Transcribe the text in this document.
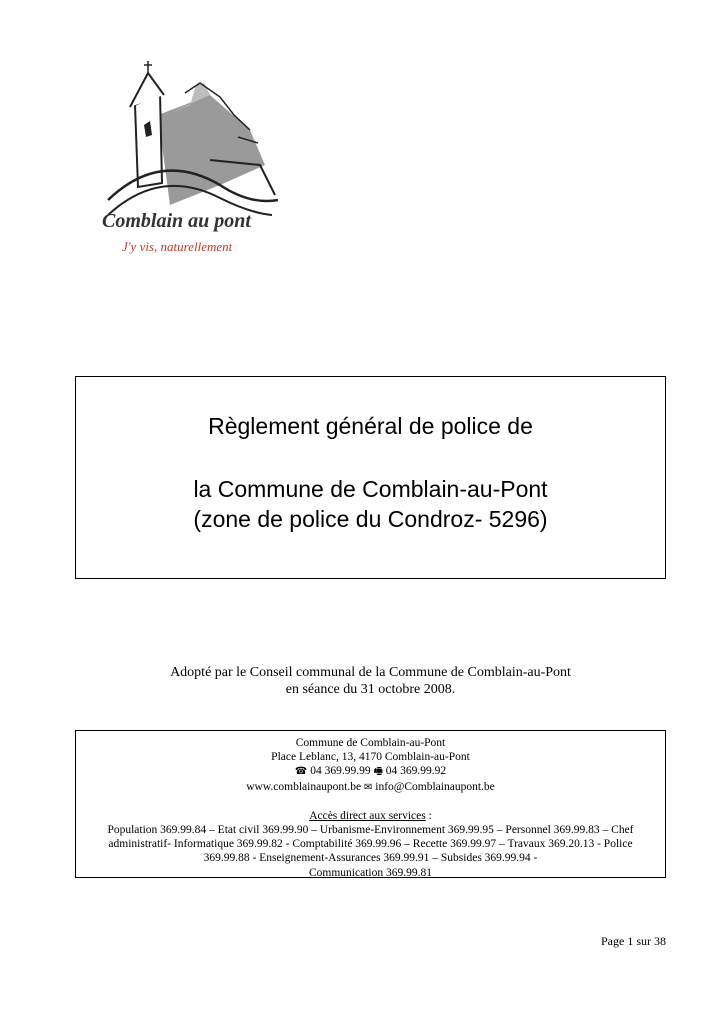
Comblain au pont
J'y vis, naturellement
Règlement général de police de
la Commune de Comblain-au-Pont
(zone de police du Condroz- 5296)
Adopté par le Conseil communal de la Commune de Comblain-au-Pont
en séance du 31 octobre 2008.
Commune de Comblain-au-Pont
Place Leblanc, 13, 4170 Comblain-au-Pont
☎ 04 369.99.99 🖷 04 369.99.92
www.comblainaupont.be ✉ info@Comblainaupont.be
Accès direct aux services :
Population 369.99.84 – Etat civil 369.99.90 – Urbanisme-Environnement 369.99.95 – Personnel 369.99.83 – Chef
administratif- Informatique 369.99.82 - Comptabilité 369.99.96 – Recette 369.99.97 – Travaux 369.20.13 - Police
369.99.88 - Enseignement-Assurances 369.99.91 – Subsides 369.99.94 -
Communication 369.99.81
Page 1 sur 38
